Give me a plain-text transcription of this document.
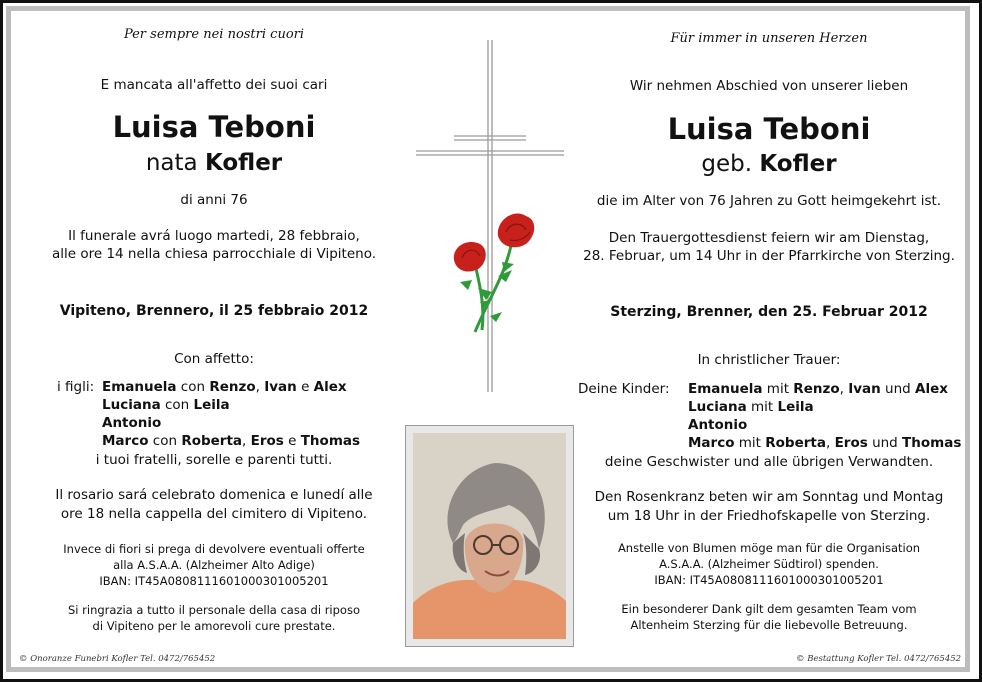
Per sempre nei nostri cuori
E mancata all'affetto dei suoi cari
Luisa Teboni
nata Kofler
di anni 76
Il funerale avrá luogo martedi, 28 febbraio,
alle ore 14 nella chiesa parrocchiale di Vipiteno.
Vipiteno, Brennero, il 25 febbraio 2012
Con affetto:
i figli: Emanuela con Renzo, Ivan e Alex
Luciana con Leila
Antonio
Marco con Roberta, Eros e Thomas
i tuoi fratelli, sorelle e parenti tutti.
Il rosario sará celebrato domenica e lunedí alle
ore 18 nella cappella del cimitero di Vipiteno.
Invece di fiori si prega di devolvere eventuali offerte
alla A.S.A.A. (Alzheimer Alto Adige)
IBAN: IT45A0808111601000301005201
Si ringrazia a tutto il personale della casa di riposo
di Vipiteno per le amorevoli cure prestate.
© Onoranze Funebri Kofler Tel. 0472/765452
Für immer in unseren Herzen
Wir nehmen Abschied von unserer lieben
Luisa Teboni
geb. Kofler
die im Alter von 76 Jahren zu Gott heimgekehrt ist.
Den Trauergottesdienst feiern wir am Dienstag,
28. Februar, um 14 Uhr in der Pfarrkirche von Sterzing.
Sterzing, Brenner, den 25. Februar 2012
In christlicher Trauer:
Deine Kinder: Emanuela mit Renzo, Ivan und Alex
Luciana mit Leila
Antonio
Marco mit Roberta, Eros und Thomas
deine Geschwister und alle übrigen Verwandten.
Den Rosenkranz beten wir am Sonntag und Montag
um 18 Uhr in der Friedhofskapelle von Sterzing.
Anstelle von Blumen möge man für die Organisation
A.S.A.A. (Alzheimer Südtirol) spenden.
IBAN: IT45A0808111601000301005201
Ein besonderer Dank gilt dem gesamten Team vom
Altenheim Sterzing für die liebevolle Betreuung.
© Bestattung Kofler Tel. 0472/765452
